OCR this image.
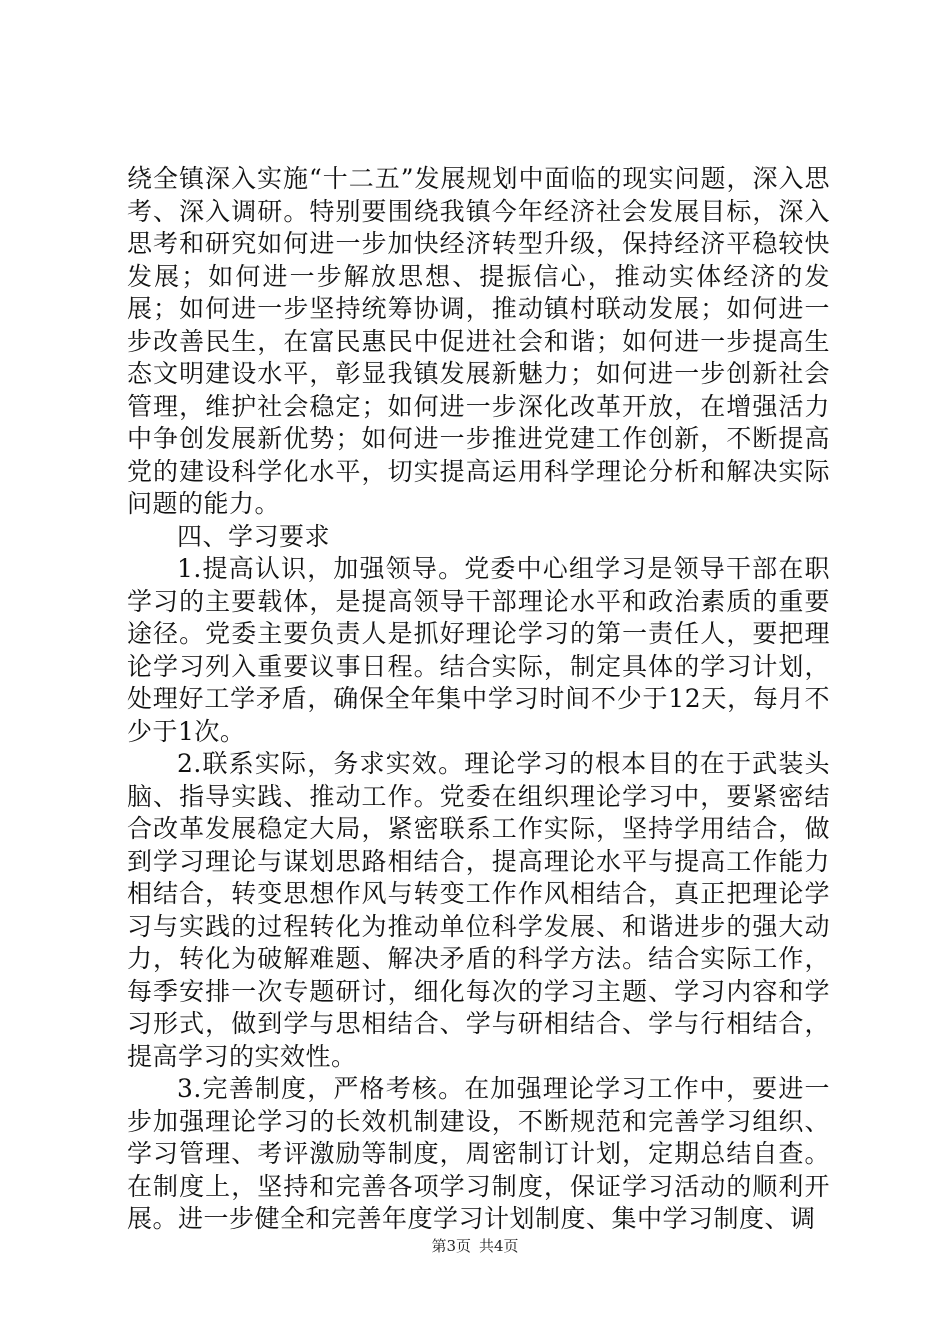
绕全镇深入实施“十二五”发展规划中面临的现实问题，深入思考、深入调研。特别要围绕我镇今年经济社会发展目标，深入思考和研究如何进一步加快经济转型升级，保持经济平稳较快发展；如何进一步解放思想、提振信心，推动实体经济的发展；如何进一步坚持统筹协调，推动镇村联动发展；如何进一步改善民生，在富民惠民中促进社会和谐；如何进一步提高生态文明建设水平，彰显我镇发展新魅力；如何进一步创新社会管理，维护社会稳定；如何进一步深化改革开放，在增强活力中争创发展新优势；如何进一步推进党建工作创新，不断提高党的建设科学化水平，切实提高运用科学理论分析和解决实际问题的能力。

四、学习要求

1.提高认识，加强领导。党委中心组学习是领导干部在职学习的主要载体，是提高领导干部理论水平和政治素质的重要途径。党委主要负责人是抓好理论学习的第一责任人，要把理论学习列入重要议事日程。结合实际，制定具体的学习计划，处理好工学矛盾，确保全年集中学习时间不少于12天，每月不少于1次。

2.联系实际，务求实效。理论学习的根本目的在于武装头脑、指导实践、推动工作。党委在组织理论学习中，要紧密结合改革发展稳定大局，紧密联系工作实际，坚持学用结合，做到学习理论与谋划思路相结合，提高理论水平与提高工作能力相结合，转变思想作风与转变工作作风相结合，真正把理论学习与实践的过程转化为推动单位科学发展、和谐进步的强大动力，转化为破解难题、解决矛盾的科学方法。结合实际工作，每季安排一次专题研讨，细化每次的学习主题、学习内容和学习形式，做到学与思相结合、学与研相结合、学与行相结合，提高学习的实效性。

3.完善制度，严格考核。在加强理论学习工作中，要进一步加强理论学习的长效机制建设，不断规范和完善学习组织、学习管理、考评激励等制度，周密制订计划，定期总结自查。在制度上，坚持和完善各项学习制度，保证学习活动的顺利开展。进一步健全和完善年度学习计划制度、集中学习制度、调

第3页 共4页
